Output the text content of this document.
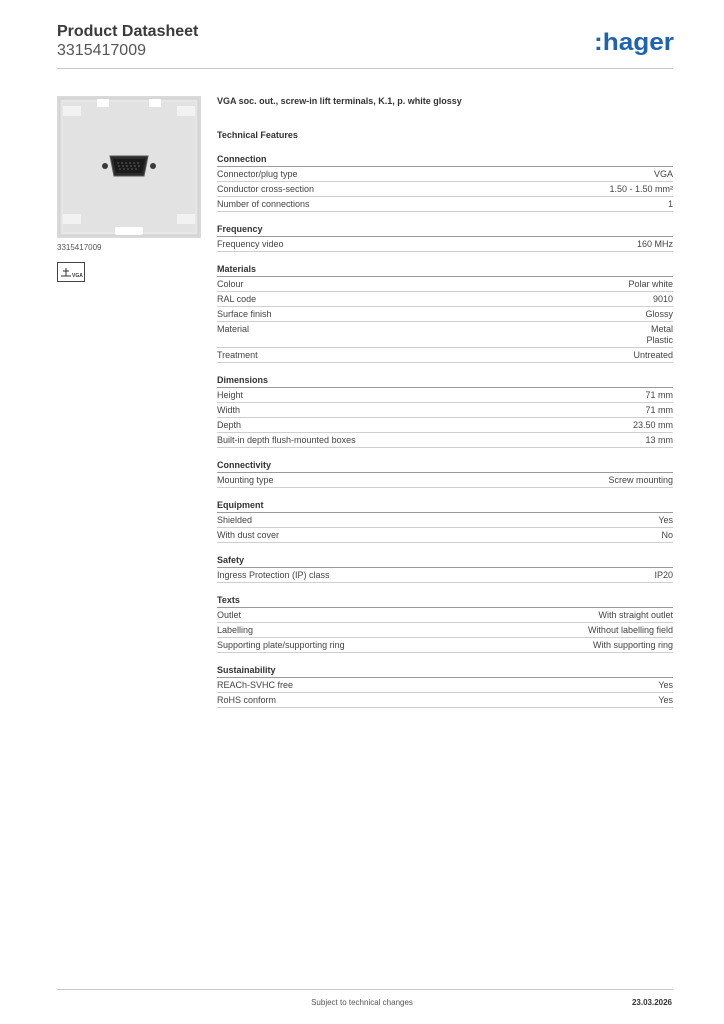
Product Datasheet
3315417009	:hager
3315417009
VGA
VGA soc. out., screw-in lift terminals, K.1, p. white glossy
Technical Features
Connection
Connector/plug type	VGA
Conductor cross-section	1.50 - 1.50 mm²
Number of connections	1
Frequency
Frequency video	160 MHz
Materials
Colour	Polar white
RAL code	9010
Surface finish	Glossy
Material	Metal
Plastic
Treatment	Untreated
Dimensions
Height	71 mm
Width	71 mm
Depth	23.50 mm
Built-in depth flush-mounted boxes	13 mm
Connectivity
Mounting type	Screw mounting
Equipment
Shielded	Yes
With dust cover	No
Safety
Ingress Protection (IP) class	IP20
Texts
Outlet	With straight outlet
Labelling	Without labelling field
Supporting plate/supporting ring	With supporting ring
Sustainability
REACh-SVHC free	Yes
RoHS conform	Yes
Subject to technical changes	23.03.2026
